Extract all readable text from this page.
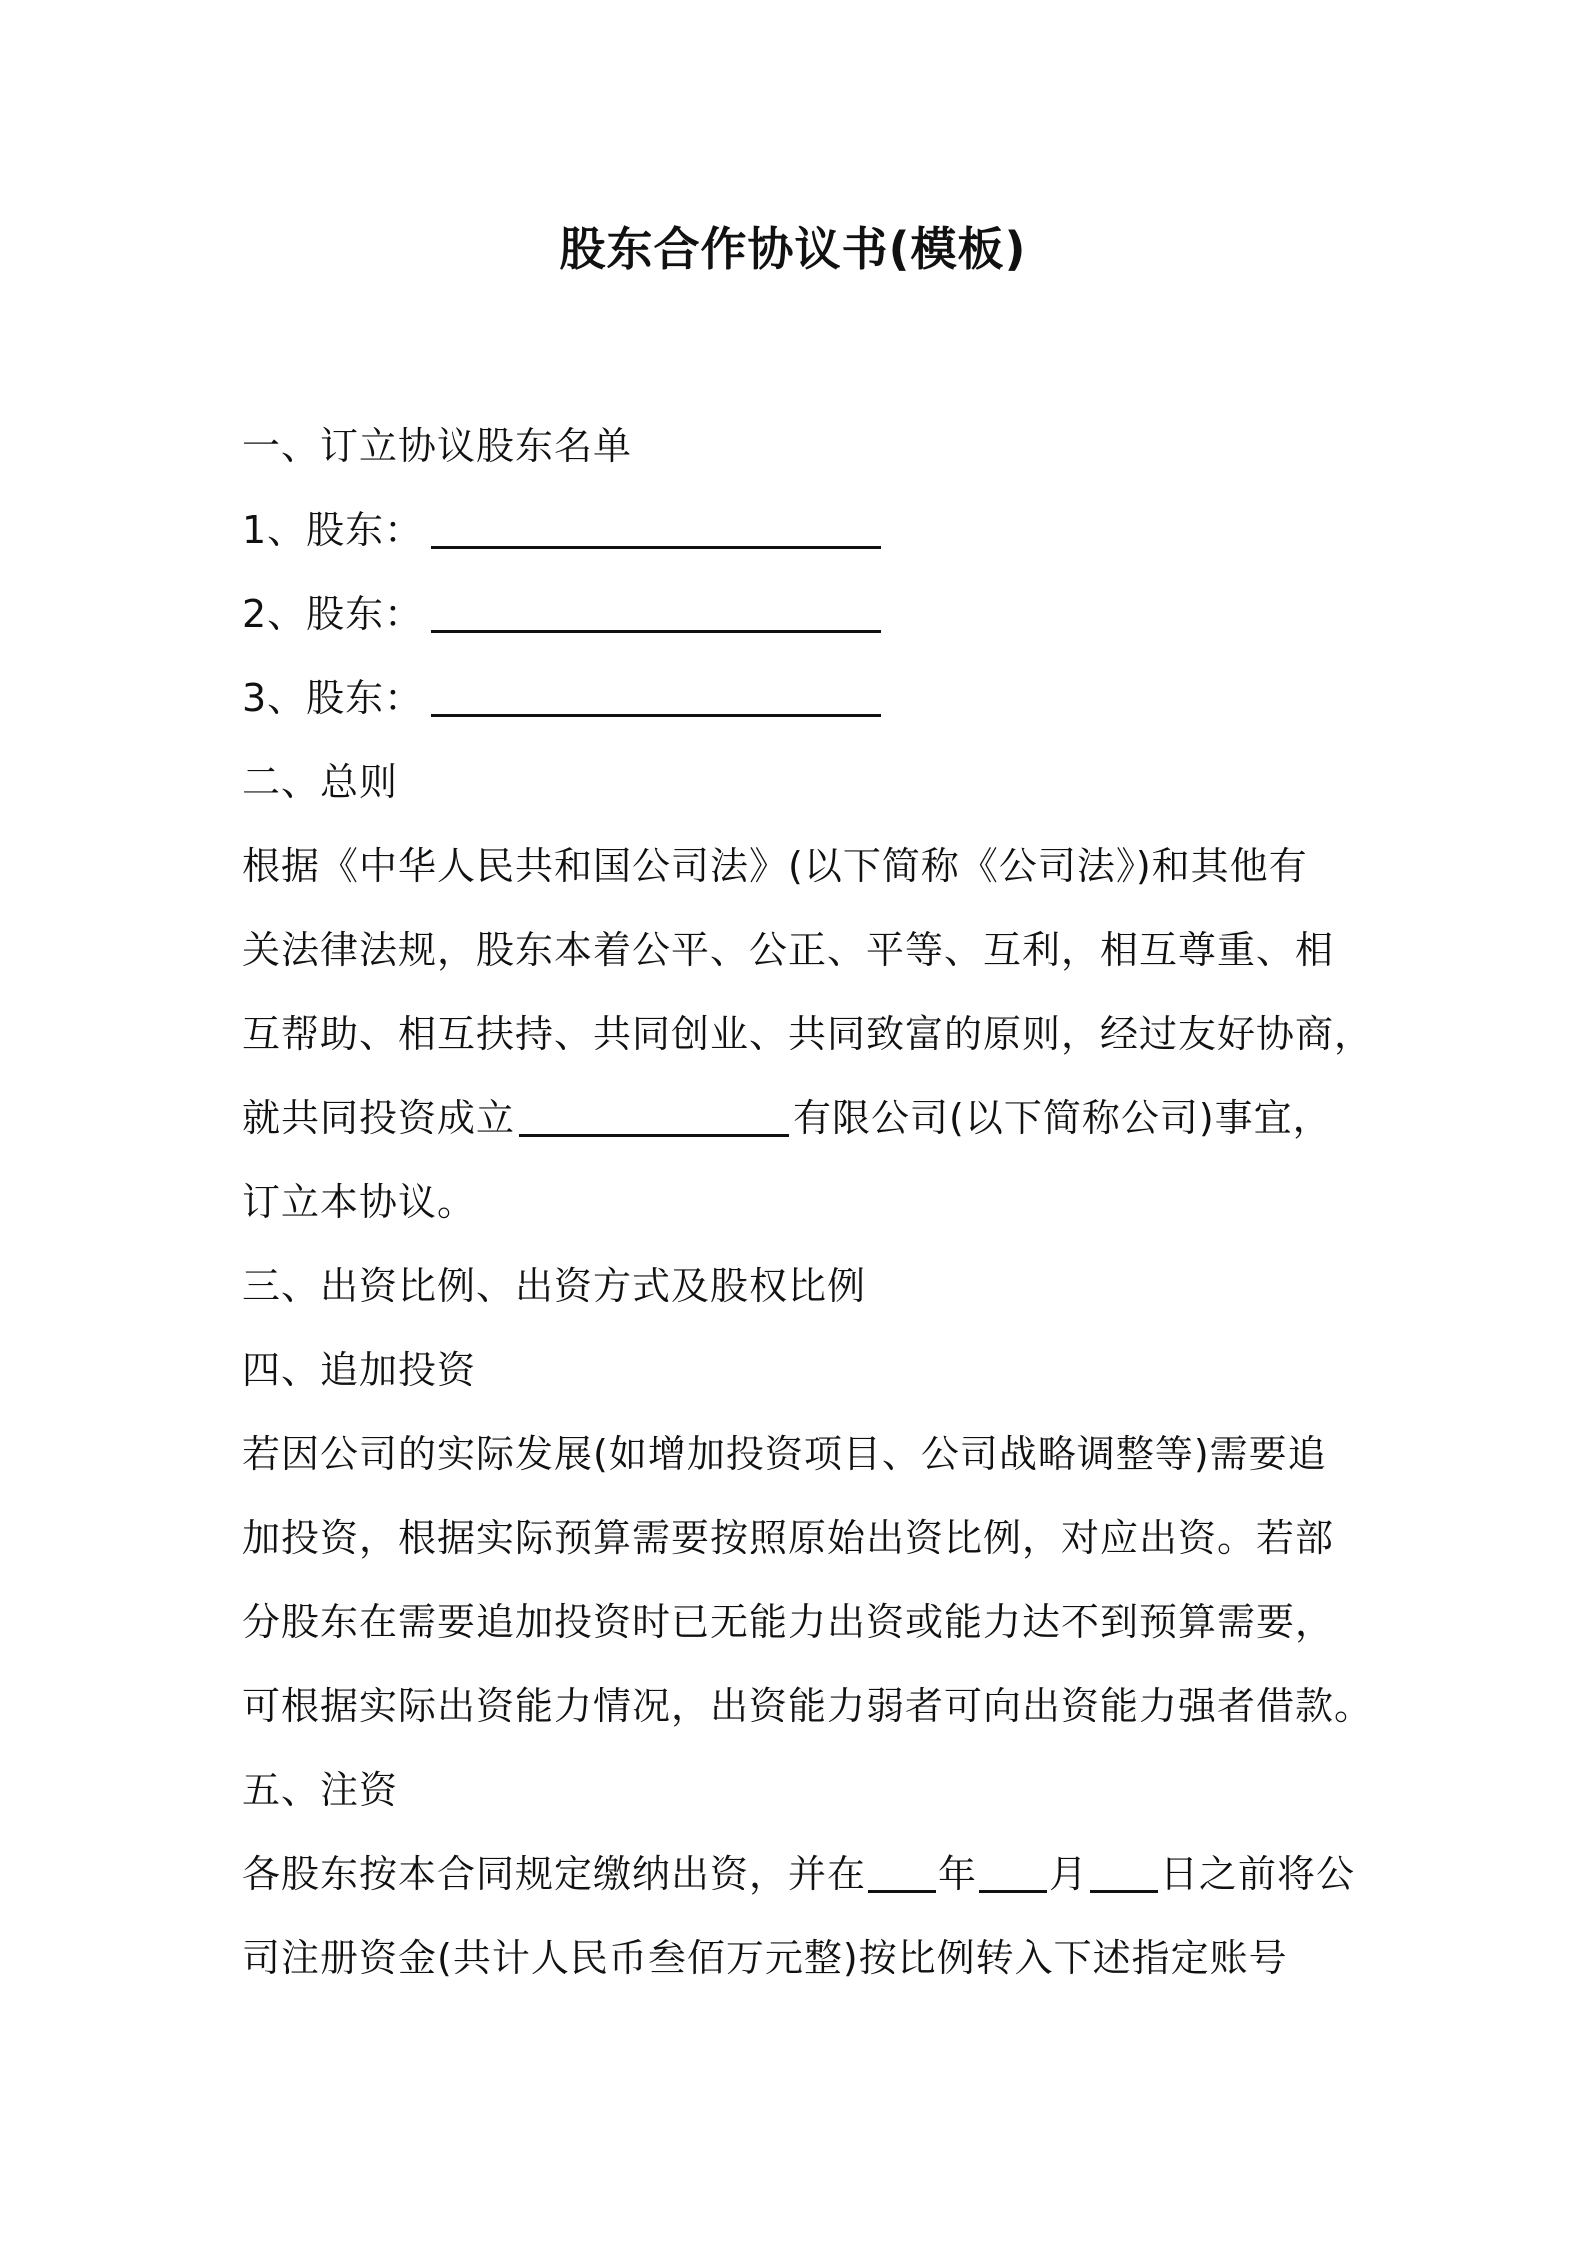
股东合作协议书(模板)
一、订立协议股东名单
1、股东：
2、股东：
3、股东：
二、总则
根据《中华人民共和国公司法》(以下简称《公司法》)和其他有
关法律法规，股东本着公平、公正、平等、互利，相互尊重、相
互帮助、相互扶持、共同创业、共同致富的原则，经过友好协商，
就共同投资成立	有限公司(以下简称公司)事宜，
订立本协议。
三、出资比例、出资方式及股权比例
四、追加投资
若因公司的实际发展(如增加投资项目、公司战略调整等)需要追
加投资，根据实际预算需要按照原始出资比例，对应出资。若部
分股东在需要追加投资时已无能力出资或能力达不到预算需要，
可根据实际出资能力情况，出资能力弱者可向出资能力强者借款。
五、注资
各股东按本合同规定缴纳出资，并在 年 月 日之前将公
司注册资金(共计人民币叁佰万元整)按比例转入下述指定账号
